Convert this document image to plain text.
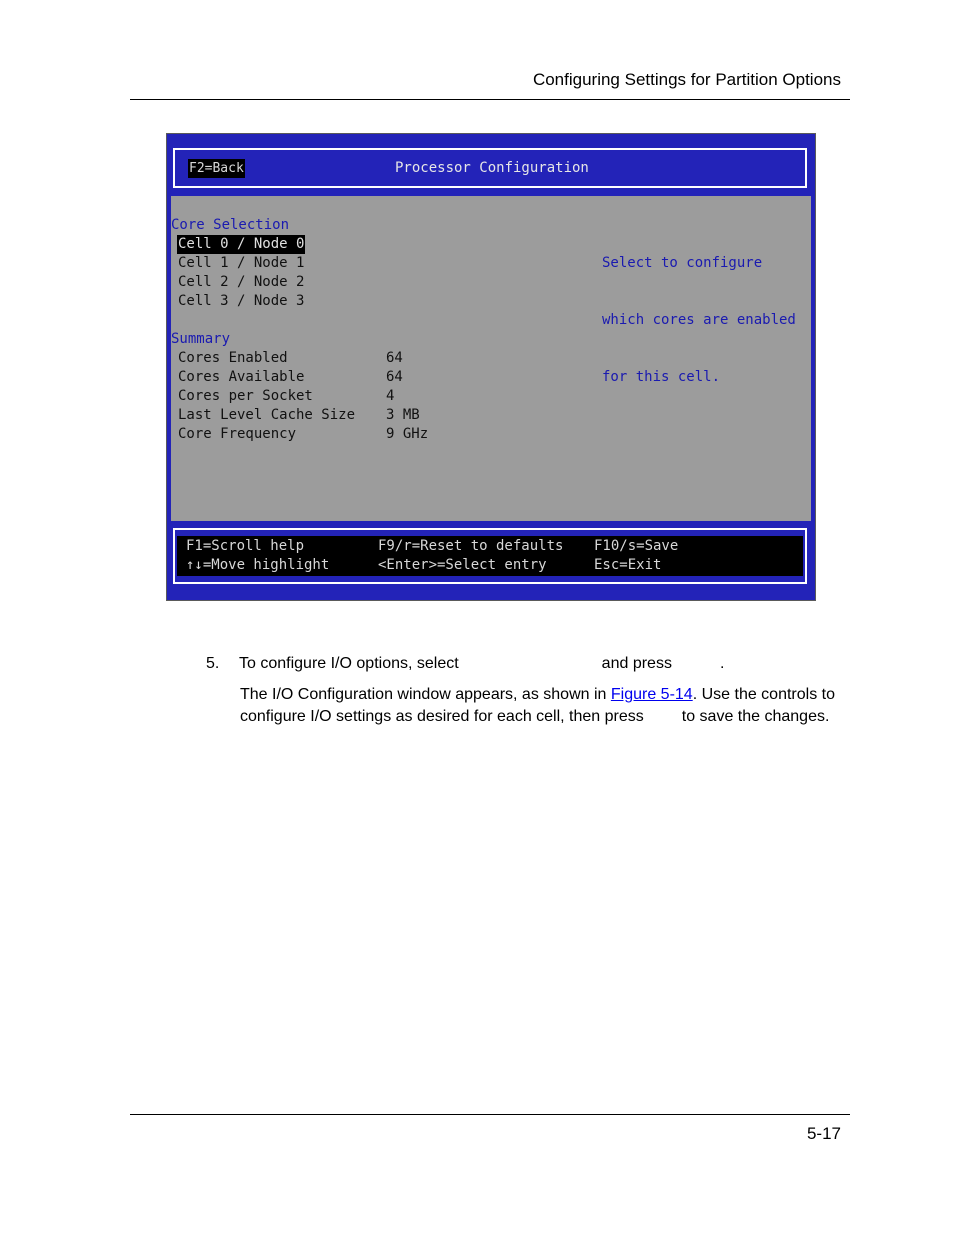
Configuring Settings for Partition Options
F2=Back	Processor Configuration
Core Selection
Cell 0 / Node 0
Cell 1 / Node 1
Cell 2 / Node 2
Cell 3 / Node 3
Summary
Cores Enabled	64
Cores Available	64
Cores per Socket	4
Last Level Cache Size	3 MB
Core Frequency	9 GHz

Select to configure

which cores are enabled

for this cell.

F1=Scroll help
↑↓=Move highlight
F9/r=Reset to defaults
<Enter>=Select entry
F10/s=Save
Esc=Exit
5. To configure I/O options, select	and press	.
The I/O Configuration window appears, as shown in Figure 5-14. Use the controls to configure I/O settings as desired for each cell, then press to save the changes.
5-17
